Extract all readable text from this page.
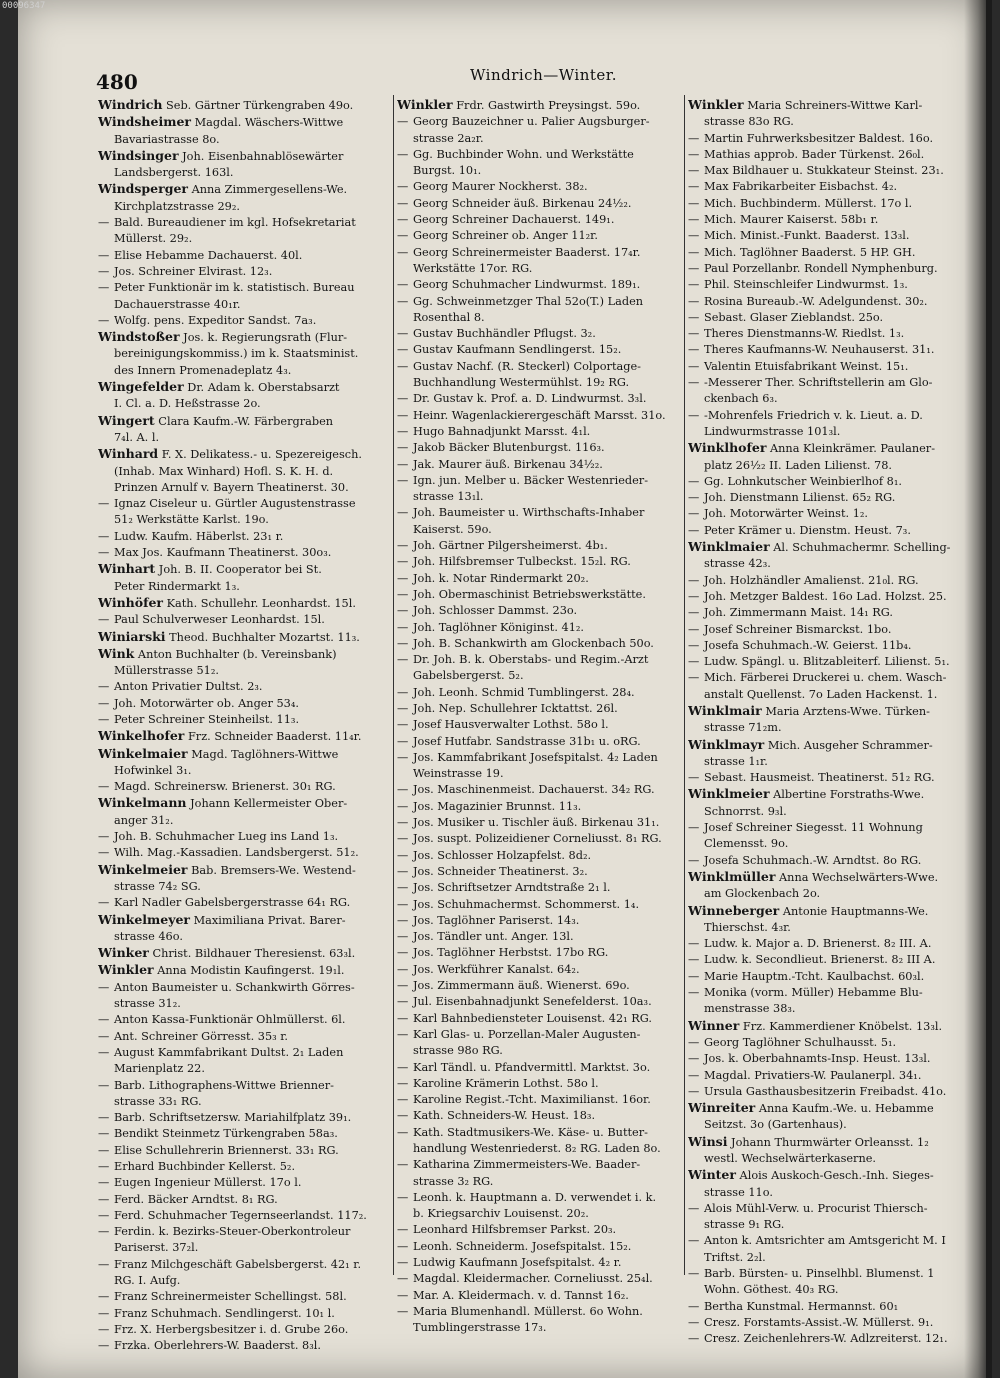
00096347
480	Windrich—Winter.
Windrich Seb. Gärtner Türkengraben 49o.
Windsheimer Magdal. Wäschers-Wittwe
Bavariastrasse 8o.
Windsinger Joh. Eisenbahnablösewärter
Landsbergerst. 163l.
Windsperger Anna Zimmergesellens-We.
Kirchplatzstrasse 29₂.
— Bald. Bureaudiener im kgl. Hofsekretariat
Müllerst. 29₂.
— Elise Hebamme Dachauerst. 40l.
— Jos. Schreiner Elvirast. 12₃.
— Peter Funktionär im k. statistisch. Bureau
Dachauerstrasse 40₁r.
— Wolfg. pens. Expeditor Sandst. 7a₃.
Windstoßer Jos. k. Regierungsrath (Flur-
bereinigungskommiss.) im k. Staatsminist.
des Innern Promenadeplatz 4₃.
Wingefelder Dr. Adam k. Oberstabsarzt
I. Cl. a. D. Heßstrasse 2o.
Wingert Clara Kaufm.-W. Färbergraben
7₄l. A. l.
Winhard F. X. Delikatess.- u. Spezereigesch.
(Inhab. Max Winhard) Hofl. S. K. H. d.
Prinzen Arnulf v. Bayern Theatinerst. 30.
— Ignaz Ciseleur u. Gürtler Augustenstrasse
51₂ Werkstätte Karlst. 19o.
— Ludw. Kaufm. Häberlst. 23₁ r.
— Max Jos. Kaufmann Theatinerst. 30o₃.
Winhart Joh. B. II. Cooperator bei St.
Peter Rindermarkt 1₃.
Winhöfer Kath. Schullehr. Leonhardst. 15l.
— Paul Schulverweser Leonhardst. 15l.
Winiarski Theod. Buchhalter Mozartst. 11₃.
Wink Anton Buchhalter (b. Vereinsbank)
Müllerstrasse 51₂.
— Anton Privatier Dultst. 2₃.
— Joh. Motorwärter ob. Anger 53₄.
— Peter Schreiner Steinheilst. 11₃.
Winkelhofer Frz. Schneider Baaderst. 11₄r.
Winkelmaier Magd. Taglöhners-Wittwe
Hofwinkel 3₁.
— Magd. Schreinersw. Brienerst. 30₁ RG.
Winkelmann Johann Kellermeister Ober-
anger 31₂.
— Joh. B. Schuhmacher Lueg ins Land 1₃.
— Wilh. Mag.-Kassadien. Landsbergerst. 51₂.
Winkelmeier Bab. Bremsers-We. Westend-
strasse 74₂ SG.
— Karl Nadler Gabelsbergerstrasse 64₁ RG.
Winkelmeyer Maximiliana Privat. Barer-
strasse 46o.
Winker Christ. Bildhauer Theresienst. 63₃l.
Winkler Anna Modistin Kaufingerst. 19₁l.
— Anton Baumeister u. Schankwirth Görres-
strasse 31₂.
— Anton Kassa-Funktionär Ohlmüllerst. 6l.
— Ant. Schreiner Görresst. 35₃ r.
— August Kammfabrikant Dultst. 2₁ Laden
Marienplatz 22.
— Barb. Lithographens-Wittwe Brienner-
strasse 33₁ RG.
— Barb. Schriftsetzersw. Mariahilfplatz 39₁.
— Bendikt Steinmetz Türkengraben 58a₃.
— Elise Schullehrerin Briennerst. 33₁ RG.
— Erhard Buchbinder Kellerst. 5₂.
— Eugen Ingenieur Müllerst. 17o l.
— Ferd. Bäcker Arndtst. 8₁ RG.
— Ferd. Schuhmacher Tegernseerlandst. 117₂.
— Ferdin. k. Bezirks-Steuer-Oberkontroleur
Pariserst. 37₂l.
— Franz Milchgeschäft Gabelsbergerst. 42₁ r.
RG. I. Aufg.
— Franz Schreinermeister Schellingst. 58l.
— Franz Schuhmach. Sendlingerst. 10₁ l.
— Frz. X. Herbergsbesitzer i. d. Grube 26o.
— Frzka. Oberlehrers-W. Baaderst. 8₃l.
Winkler Frdr. Gastwirth Preysingst. 59o.
— Georg Bauzeichner u. Palier Augsburger-
strasse 2a₂r.
— Gg. Buchbinder Wohn. und Werkstätte
Burgst. 10₁.
— Georg Maurer Nockherst. 38₂.
— Georg Schneider äuß. Birkenau 24½₂.
— Georg Schreiner Dachauerst. 149₁.
— Georg Schreiner ob. Anger 11₂r.
— Georg Schreinermeister Baaderst. 17₄r.
Werkstätte 17or. RG.
— Georg Schuhmacher Lindwurmst. 189₁.
— Gg. Schweinmetzger Thal 52o(T.) Laden
Rosenthal 8.
— Gustav Buchhändler Pflugst. 3₂.
— Gustav Kaufmann Sendlingerst. 15₂.
— Gustav Nachf. (R. Steckerl) Colportage-
Buchhandlung Westermühlst. 19₂ RG.
— Dr. Gustav k. Prof. a. D. Lindwurmst. 3₃l.
— Heinr. Wagenlackierergeschäft Marsst. 31o.
— Hugo Bahnadjunkt Marsst. 4₁l.
— Jakob Bäcker Blutenburgst. 116₃.
— Jak. Maurer äuß. Birkenau 34½₂.
— Ign. jun. Melber u. Bäcker Westenrieder-
strasse 13₁l.
— Joh. Baumeister u. Wirthschafts-Inhaber
Kaiserst. 59o.
— Joh. Gärtner Pilgersheimerst. 4b₁.
— Joh. Hilfsbremser Tulbeckst. 15₂l. RG.
— Joh. k. Notar Rindermarkt 20₂.
— Joh. Obermaschinist Betriebswerkstätte.
— Joh. Schlosser Dammst. 23o.
— Joh. Taglöhner Königinst. 41₂.
— Joh. B. Schankwirth am Glockenbach 50o.
— Dr. Joh. B. k. Oberstabs- und Regim.-Arzt
Gabelsbergerst. 5₂.
— Joh. Leonh. Schmid Tumblingerst. 28₄.
— Joh. Nep. Schullehrer Icktattst. 26l.
— Josef Hausverwalter Lothst. 58o l.
— Josef Hutfabr. Sandstrasse 31b₁ u. oRG.
— Jos. Kammfabrikant Josefspitalst. 4₂ Laden
Weinstrasse 19.
— Jos. Maschinenmeist. Dachauerst. 34₂ RG.
— Jos. Magazinier Brunnst. 11₃.
— Jos. Musiker u. Tischler äuß. Birkenau 31₁.
— Jos. suspt. Polizeidiener Corneliusst. 8₁ RG.
— Jos. Schlosser Holzapfelst. 8d₂.
— Jos. Schneider Theatinerst. 3₂.
— Jos. Schriftsetzer Arndtstraße 2₁ l.
— Jos. Schuhmachermst. Schommerst. 1₄.
— Jos. Taglöhner Pariserst. 14₃.
— Jos. Tändler unt. Anger. 13l.
— Jos. Taglöhner Herbstst. 17bo RG.
— Jos. Werkführer Kanalst. 64₂.
— Jos. Zimmermann äuß. Wienerst. 69o.
— Jul. Eisenbahnadjunkt Senefelderst. 10a₃.
— Karl Bahnbediensteter Louisenst. 42₁ RG.
— Karl Glas- u. Porzellan-Maler Augusten-
strasse 98o RG.
— Karl Tändl. u. Pfandvermittl. Marktst. 3o.
— Karoline Krämerin Lothst. 58o l.
— Karoline Regist.-Tcht. Maximilianst. 16or.
— Kath. Schneiders-W. Heust. 18₃.
— Kath. Stadtmusikers-We. Käse- u. Butter-
handlung Westenriederst. 8₂ RG. Laden 8o.
— Katharina Zimmermeisters-We. Baader-
strasse 3₂ RG.
— Leonh. k. Hauptmann a. D. verwendet i. k.
b. Kriegsarchiv Louisenst. 20₂.
— Leonhard Hilfsbremser Parkst. 20₃.
— Leonh. Schneiderm. Josefspitalst. 15₂.
— Ludwig Kaufmann Josefspitalst. 4₂ r.
— Magdal. Kleidermacher. Corneliusst. 25₄l.
— Mar. A. Kleidermach. v. d. Tannst 16₂.
— Maria Blumenhandl. Müllerst. 6o Wohn.
Tumblingerstrasse 17₃.
Winkler Maria Schreiners-Wittwe Karl-
strasse 83o RG.
— Martin Fuhrwerksbesitzer Baldest. 16o.
— Mathias approb. Bader Türkenst. 26₀l.
— Max Bildhauer u. Stukkateur Steinst. 23₁.
— Max Fabrikarbeiter Eisbachst. 4₂.
— Mich. Buchbinderm. Müllerst. 17o l.
— Mich. Maurer Kaiserst. 58b₁ r.
— Mich. Minist.-Funkt. Baaderst. 13₃l.
— Mich. Taglöhner Baaderst. 5 HP. GH.
— Paul Porzellanbr. Rondell Nymphenburg.
— Phil. Steinschleifer Lindwurmst. 1₃.
— Rosina Bureaub.-W. Adelgundenst. 30₂.
— Sebast. Glaser Zieblandst. 25o.
— Theres Dienstmanns-W. Riedlst. 1₃.
— Theres Kaufmanns-W. Neuhauserst. 31₁.
— Valentin Etuisfabrikant Weinst. 15₁.
— -Messerer Ther. Schriftstellerin am Glo-
ckenbach 6₃.
— -Mohrenfels Friedrich v. k. Lieut. a. D.
Lindwurmstrasse 101₃l.
Winklhofer Anna Kleinkrämer. Paulaner-
platz 26½₂ II. Laden Lilienst. 78.
— Gg. Lohnkutscher Weinbierlhof 8₁.
— Joh. Dienstmann Lilienst. 65₂ RG.
— Joh. Motorwärter Weinst. 1₂.
— Peter Krämer u. Dienstm. Heust. 7₃.
Winklmaier Al. Schuhmachermr. Schelling-
strasse 42₃.
— Joh. Holzhändler Amalienst. 21₀l. RG.
— Joh. Metzger Baldest. 16o Lad. Holzst. 25.
— Joh. Zimmermann Maist. 14₁ RG.
— Josef Schreiner Bismarckst. 1bo.
— Josefa Schuhmach.-W. Geierst. 11b₄.
— Ludw. Spängl. u. Blitzableiterf. Lilienst. 5₁.
— Mich. Färberei Druckerei u. chem. Wasch-
anstalt Quellenst. 7o Laden Hackenst. 1.
Winklmair Maria Arztens-Wwe. Türken-
strasse 71₂m.
Winklmayr Mich. Ausgeher Schrammer-
strasse 1₁r.
— Sebast. Hausmeist. Theatinerst. 51₂ RG.
Winklmeier Albertine Forstraths-Wwe.
Schnorrst. 9₃l.
— Josef Schreiner Siegesst. 11 Wohnung
Clemensst. 9o.
— Josefa Schuhmach.-W. Arndtst. 8o RG.
Winklmüller Anna Wechselwärters-Wwe.
am Glockenbach 2o.
Winneberger Antonie Hauptmanns-We.
Thierschst. 4₃r.
— Ludw. k. Major a. D. Brienerst. 8₂ III. A.
— Ludw. k. Secondlieut. Brienerst. 8₂ III A.
— Marie Hauptm.-Tcht. Kaulbachst. 60₃l.
— Monika (vorm. Müller) Hebamme Blu-
menstrasse 38₃.
Winner Frz. Kammerdiener Knöbelst. 13₃l.
— Georg Taglöhner Schulhausst. 5₁.
— Jos. k. Oberbahnamts-Insp. Heust. 13₃l.
— Magdal. Privatiers-W. Paulanerpl. 34₁.
— Ursula Gasthausbesitzerin Freibadst. 41o.
Winreiter Anna Kaufm.-We. u. Hebamme
Seitzst. 3o (Gartenhaus).
Winsi Johann Thurmwärter Orleansst. 1₂
westl. Wechselwärterkaserne.
Winter Alois Auskoch-Gesch.-Inh. Sieges-
strasse 11o.
— Alois Mühl-Verw. u. Procurist Thiersch-
strasse 9₁ RG.
— Anton k. Amtsrichter am Amtsgericht M. I
Triftst. 2₂l.
— Barb. Bürsten- u. Pinselhbl. Blumenst. 1
Wohn. Göthest. 40₃ RG.
— Bertha Kunstmal. Hermannst. 60₁
— Cresz. Forstamts-Assist.-W. Müllerst. 9₁.
— Cresz. Zeichenlehrers-W. Adlzreiterst. 12₁.
